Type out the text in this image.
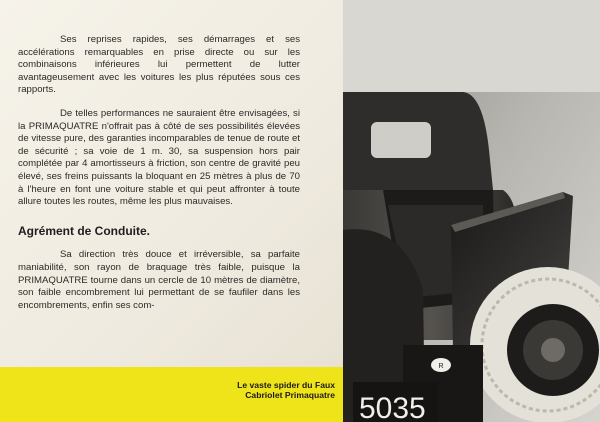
Ses reprises rapides, ses démarrages et ses accélérations remarquables en prise directe ou sur les combinaisons inférieures lui permettent de lutter avantageusement avec les voitures les plus réputées sous ces rapports.

De telles performances ne sauraient être envisagées, si la PRIMAQUATRE n'offrait pas à côté de ses possibilités élevées de vitesse pure, des garanties incomparables de tenue de route et de sécurité ; sa voie de 1 m. 30, sa suspension hors pair complétée par 4 amortisseurs à friction, son centre de gravité peu élevé, ses freins puissants la bloquant en 25 mètres à plus de 70 à l'heure en font une voiture stable et qui peut affronter à toute allure toutes les routes, même les plus mauvaises.

Agrément de Conduite.

Sa direction très douce et irréversible, sa parfaite maniabilité, son rayon de braquage très faible, puisque la PRIMAQUATRE tourne dans un cercle de 10 mètres de diamètre, son faible encombrement lui permettant de se faufiler dans les encombrements, enfin ses com-

Le vaste spider du Faux
Cabriolet Primaquatre
R
5035
